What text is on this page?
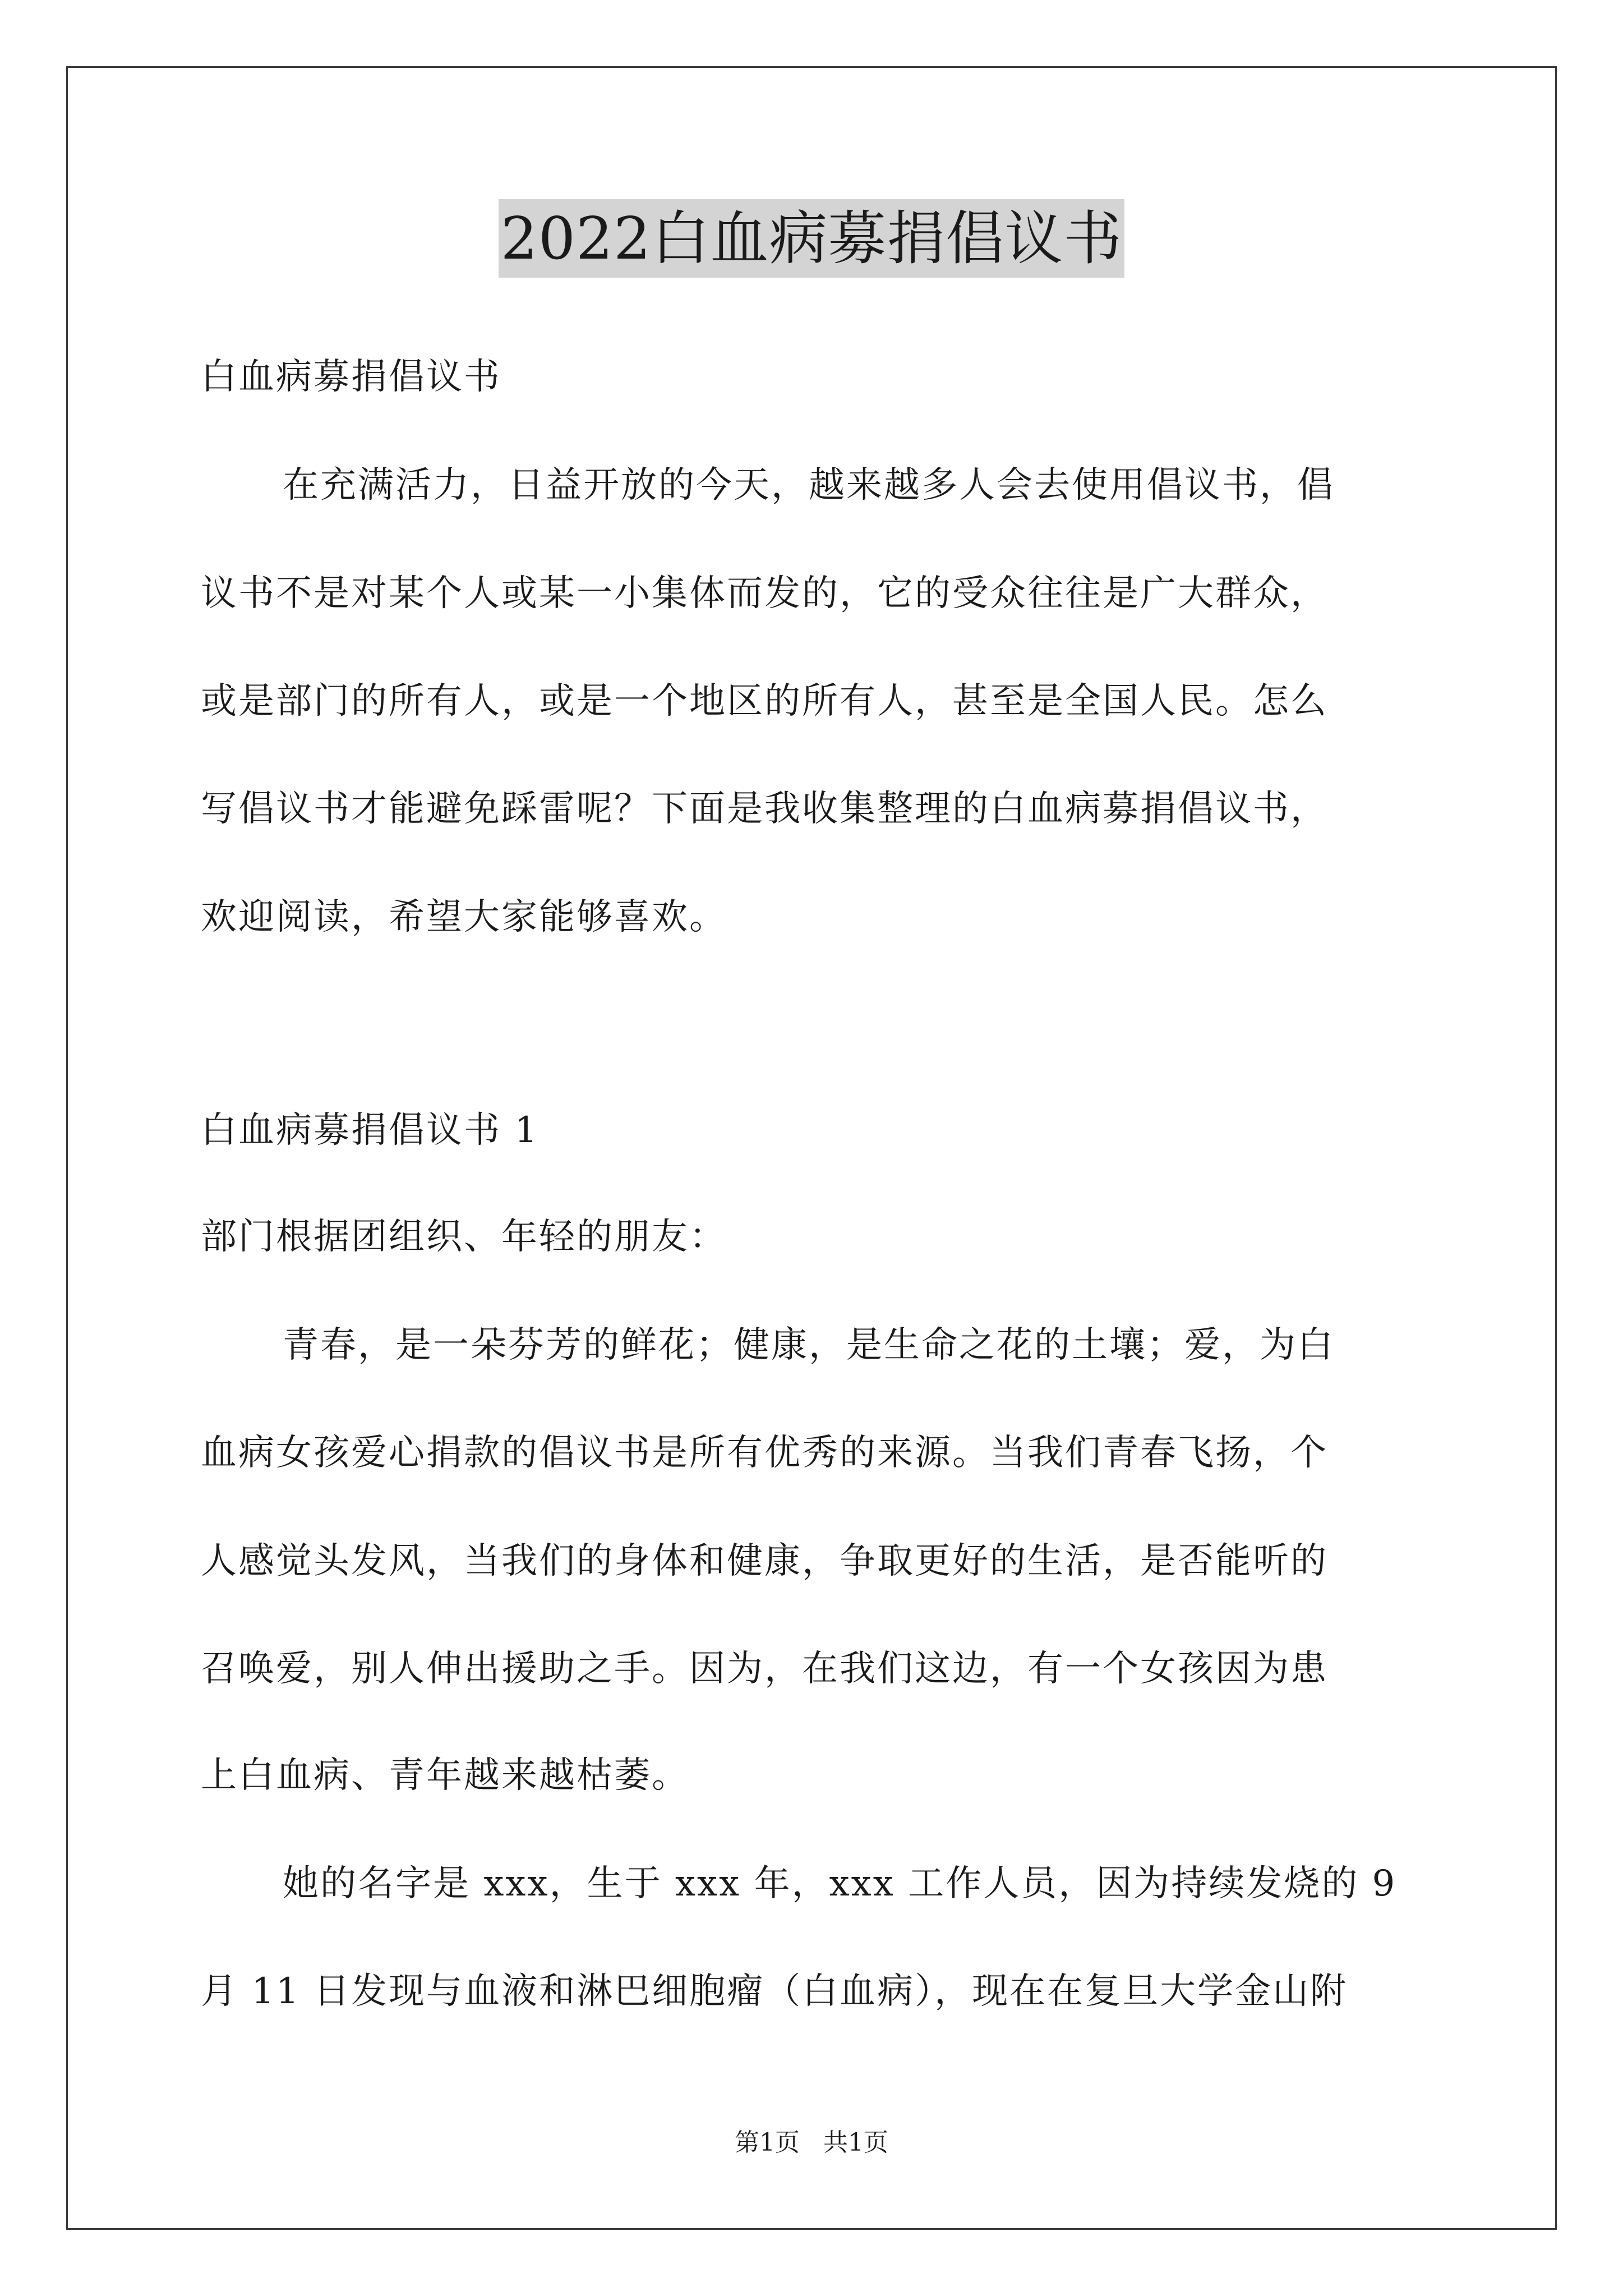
2022白血病募捐倡议书
白血病募捐倡议书
在充满活力，日益开放的今天，越来越多人会去使用倡议书，倡
议书不是对某个人或某一小集体而发的，它的受众往往是广大群众，
或是部门的所有人，或是一个地区的所有人，甚至是全国人民。怎么
写倡议书才能避免踩雷呢？下面是我收集整理的白血病募捐倡议书，
欢迎阅读，希望大家能够喜欢。
白血病募捐倡议书 1
部门根据团组织、年轻的朋友：
青春，是一朵芬芳的鲜花；健康，是生命之花的土壤；爱，为白
血病女孩爱心捐款的倡议书是所有优秀的来源。当我们青春飞扬，个
人感觉头发风，当我们的身体和健康，争取更好的生活，是否能听的
召唤爱，别人伸出援助之手。因为，在我们这边，有一个女孩因为患
上白血病、青年越来越枯萎。
她的名字是 xxx，生于 xxx 年，xxx 工作人员，因为持续发烧的 9
月 11 日发现与血液和淋巴细胞瘤（白血病），现在在复旦大学金山附
第1页 共1页
